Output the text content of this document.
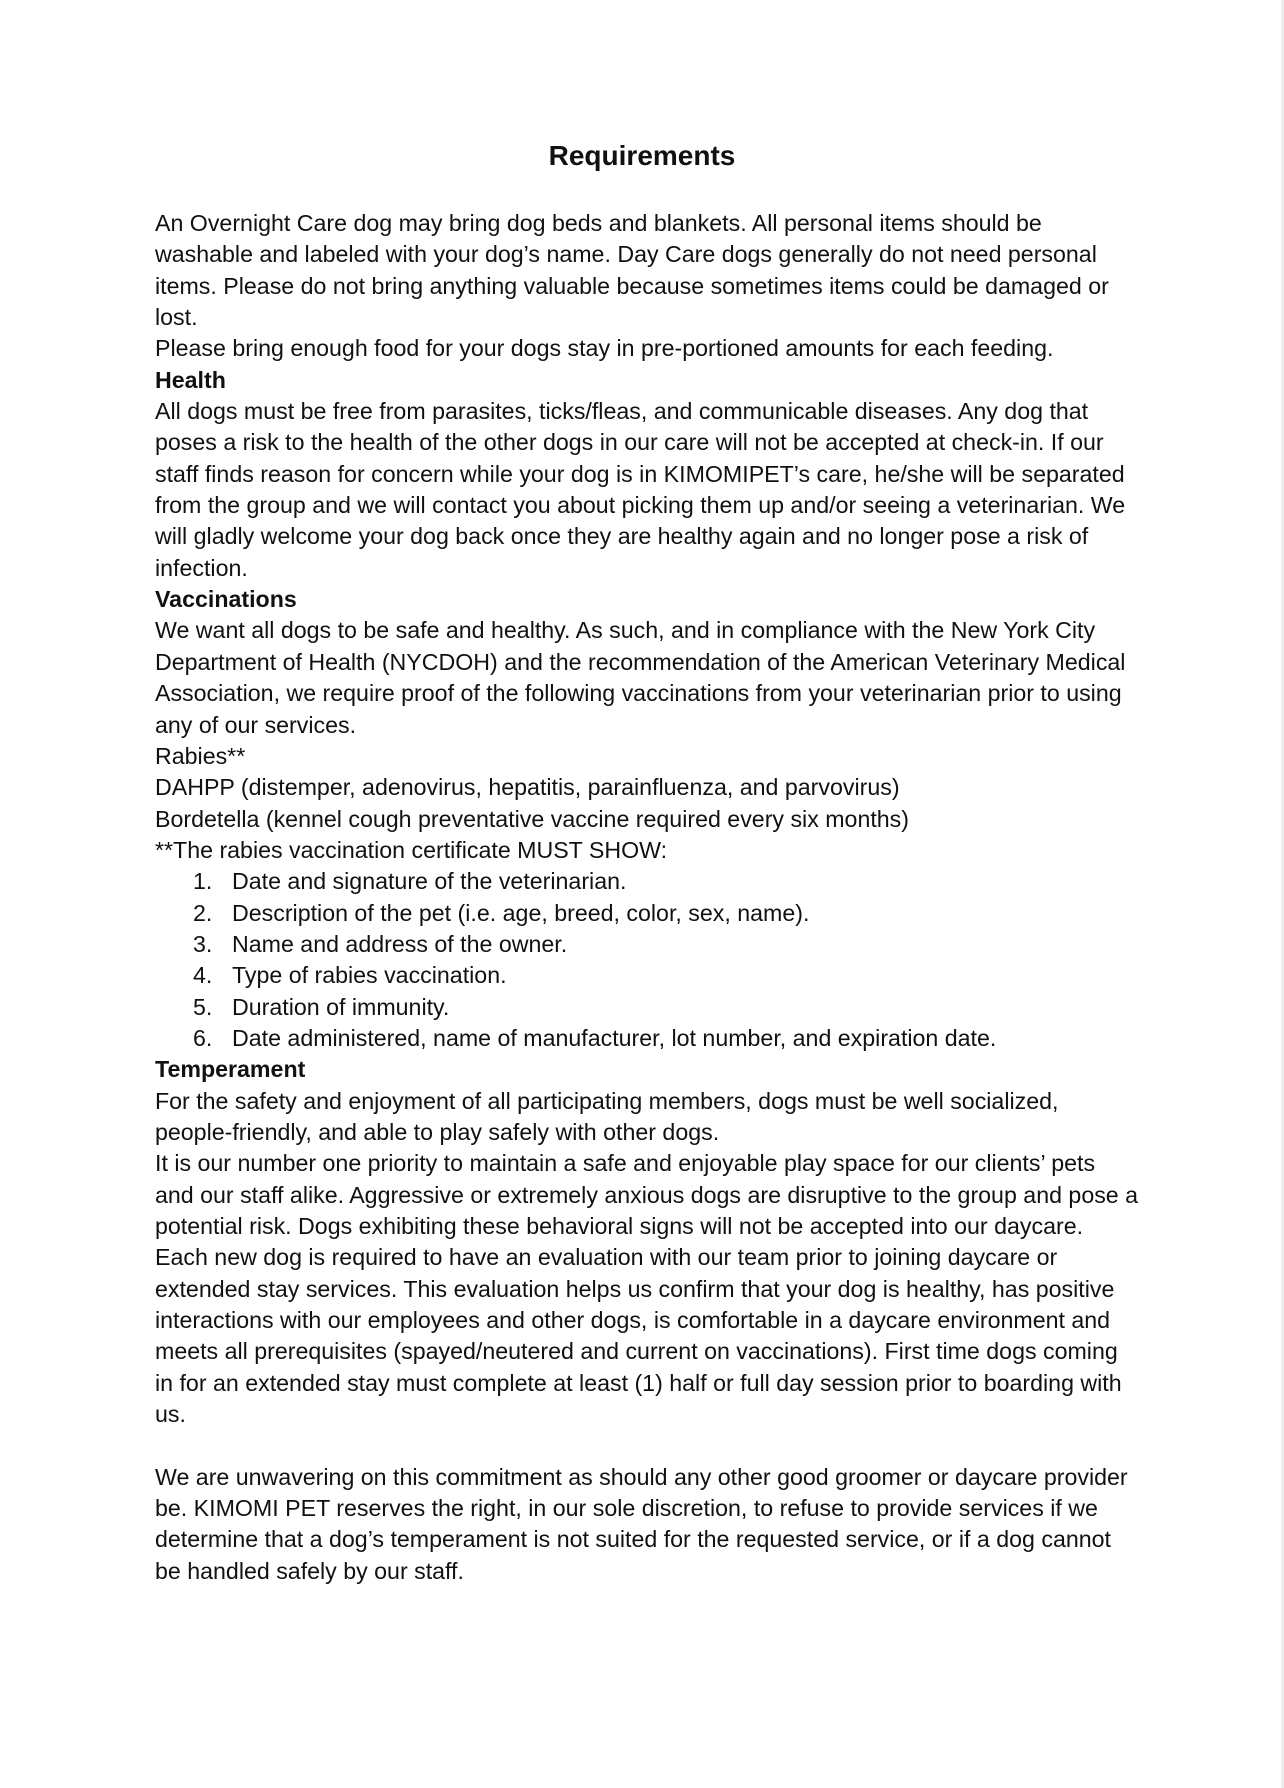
Requirements

An Overnight Care dog may bring dog beds and blankets. All personal items should be washable and labeled with your dog’s name. Day Care dogs generally do not need personal items. Please do not bring anything valuable because sometimes items could be damaged or lost.

Please bring enough food for your dogs stay in pre-portioned amounts for each feeding.

Health

All dogs must be free from parasites, ticks/fleas, and communicable diseases. Any dog that poses a risk to the health of the other dogs in our care will not be accepted at check-in. If our staff finds reason for concern while your dog is in KIMOMIPET’s care, he/she will be separated from the group and we will contact you about picking them up and/or seeing a veterinarian. We will gladly welcome your dog back once they are healthy again and no longer pose a risk of infection.

Vaccinations

We want all dogs to be safe and healthy. As such, and in compliance with the New York City Department of Health (NYCDOH) and the recommendation of the American Veterinary Medical Association, we require proof of the following vaccinations from your veterinarian prior to using any of our services.

Rabies**

DAHPP (distemper, adenovirus, hepatitis, parainfluenza, and parvovirus)

Bordetella (kennel cough preventative vaccine required every six months)

**The rabies vaccination certificate MUST SHOW:

1. Date and signature of the veterinarian.
2. Description of the pet (i.e. age, breed, color, sex, name).
3. Name and address of the owner.
4. Type of rabies vaccination.
5. Duration of immunity.
6. Date administered, name of manufacturer, lot number, and expiration date.
Temperament

For the safety and enjoyment of all participating members, dogs must be well socialized, people-friendly, and able to play safely with other dogs.

It is our number one priority to maintain a safe and enjoyable play space for our clients’ pets and our staff alike. Aggressive or extremely anxious dogs are disruptive to the group and pose a potential risk. Dogs exhibiting these behavioral signs will not be accepted into our daycare.

Each new dog is required to have an evaluation with our team prior to joining daycare or extended stay services. This evaluation helps us confirm that your dog is healthy, has positive interactions with our employees and other dogs, is comfortable in a daycare environment and meets all prerequisites (spayed/neutered and current on vaccinations). First time dogs coming in for an extended stay must complete at least (1) half or full day session prior to boarding with us.

We are unwavering on this commitment as should any other good groomer or daycare provider be. KIMOMI PET reserves the right, in our sole discretion, to refuse to provide services if we determine that a dog’s temperament is not suited for the requested service, or if a dog cannot be handled safely by our staff.
